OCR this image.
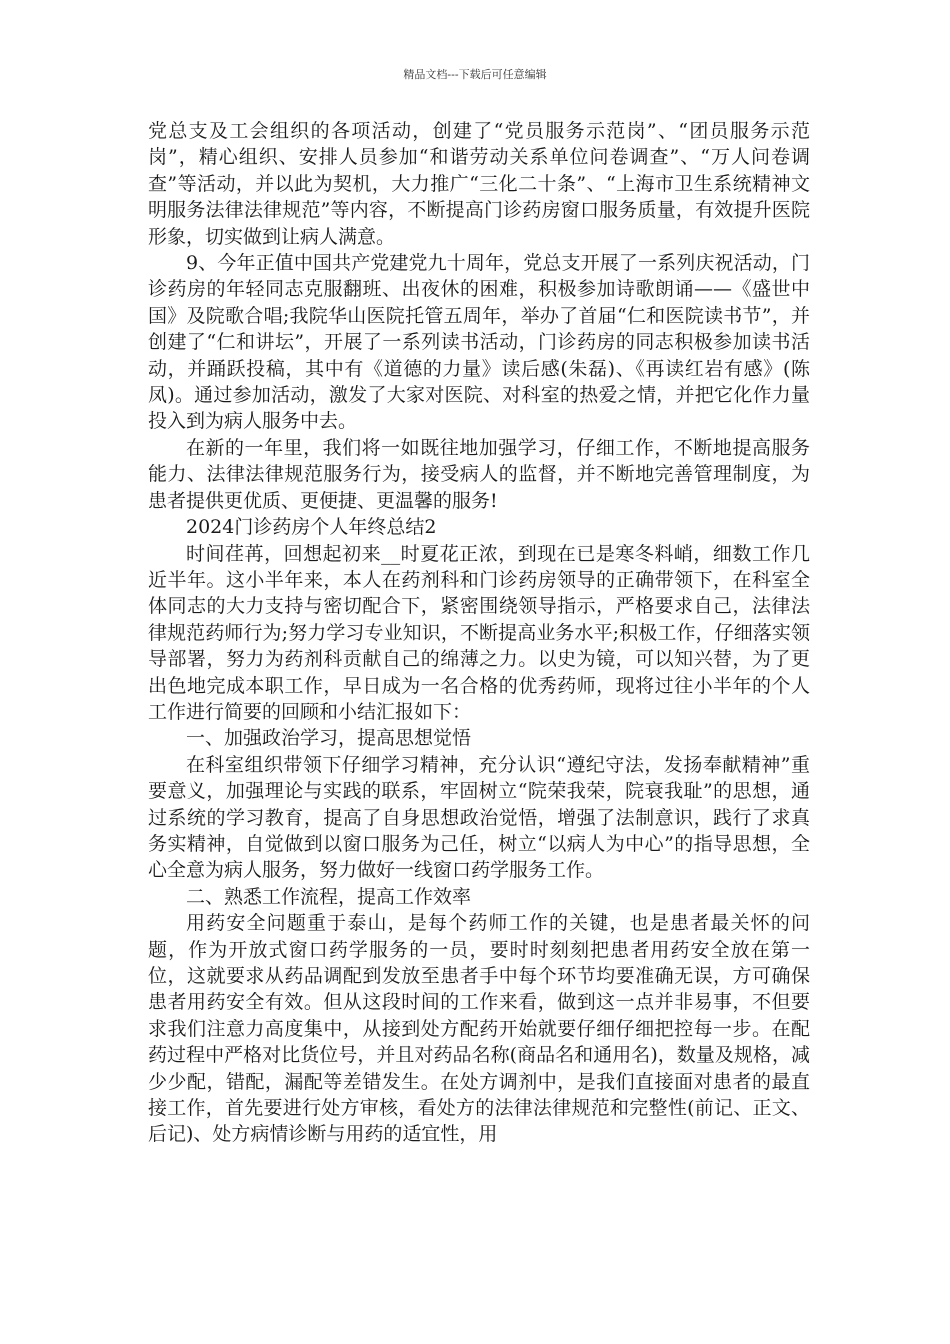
精品文档---下载后可任意编辑

党总支及工会组织的各项活动，创建了“党员服务示范岗”、“团员服务示范岗”，精心组织、安排人员参加“和谐劳动关系单位问卷调查”、“万人问卷调查”等活动，并以此为契机，大力推广“三化二十条”、“上海市卫生系统精神文明服务法律法律规范”等内容，不断提高门诊药房窗口服务质量，有效提升医院形象，切实做到让病人满意。

9、今年正值中国共产党建党九十周年，党总支开展了一系列庆祝活动，门诊药房的年轻同志克服翻班、出夜休的困难，积极参加诗歌朗诵——《盛世中国》及院歌合唱;我院华山医院托管五周年，举办了首届“仁和医院读书节”，并创建了“仁和讲坛”，开展了一系列读书活动，门诊药房的同志积极参加读书活动，并踊跃投稿，其中有《道德的力量》读后感(朱磊)、《再读红岩有感》(陈凤)。通过参加活动，激发了大家对医院、对科室的热爱之情，并把它化作力量投入到为病人服务中去。

在新的一年里，我们将一如既往地加强学习，仔细工作，不断地提高服务能力、法律法律规范服务行为，接受病人的监督，并不断地完善管理制度，为患者提供更优质、更便捷、更温馨的服务!

2024门诊药房个人年终总结2

时间荏苒，回想起初来__时夏花正浓，到现在已是寒冬料峭，细数工作几近半年。这小半年来，本人在药剂科和门诊药房领导的正确带领下，在科室全体同志的大力支持与密切配合下，紧密围绕领导指示，严格要求自己，法律法律规范药师行为;努力学习专业知识，不断提高业务水平;积极工作，仔细落实领导部署，努力为药剂科贡献自己的绵薄之力。以史为镜，可以知兴替，为了更出色地完成本职工作，早日成为一名合格的优秀药师，现将过往小半年的个人工作进行简要的回顾和小结汇报如下：

一、加强政治学习，提高思想觉悟

在科室组织带领下仔细学习精神，充分认识“遵纪守法，发扬奉献精神”重要意义，加强理论与实践的联系，牢固树立“院荣我荣，院衰我耻”的思想，通过系统的学习教育，提高了自身思想政治觉悟，增强了法制意识，践行了求真务实精神，自觉做到以窗口服务为己任，树立“以病人为中心”的指导思想，全心全意为病人服务，努力做好一线窗口药学服务工作。

二、熟悉工作流程，提高工作效率

用药安全问题重于泰山，是每个药师工作的关键，也是患者最关怀的问题，作为开放式窗口药学服务的一员，要时时刻刻把患者用药安全放在第一位，这就要求从药品调配到发放至患者手中每个环节均要准确无误，方可确保患者用药安全有效。但从这段时间的工作来看，做到这一点并非易事，不但要求我们注意力高度集中，从接到处方配药开始就要仔细仔细把控每一步。在配药过程中严格对比货位号，并且对药品名称(商品名和通用名)，数量及规格，减少少配，错配，漏配等差错发生。在处方调剂中，是我们直接面对患者的最直接工作，首先要进行处方审核，看处方的法律法律规范和完整性(前记、正文、后记)、处方病情诊断与用药的适宜性，用
